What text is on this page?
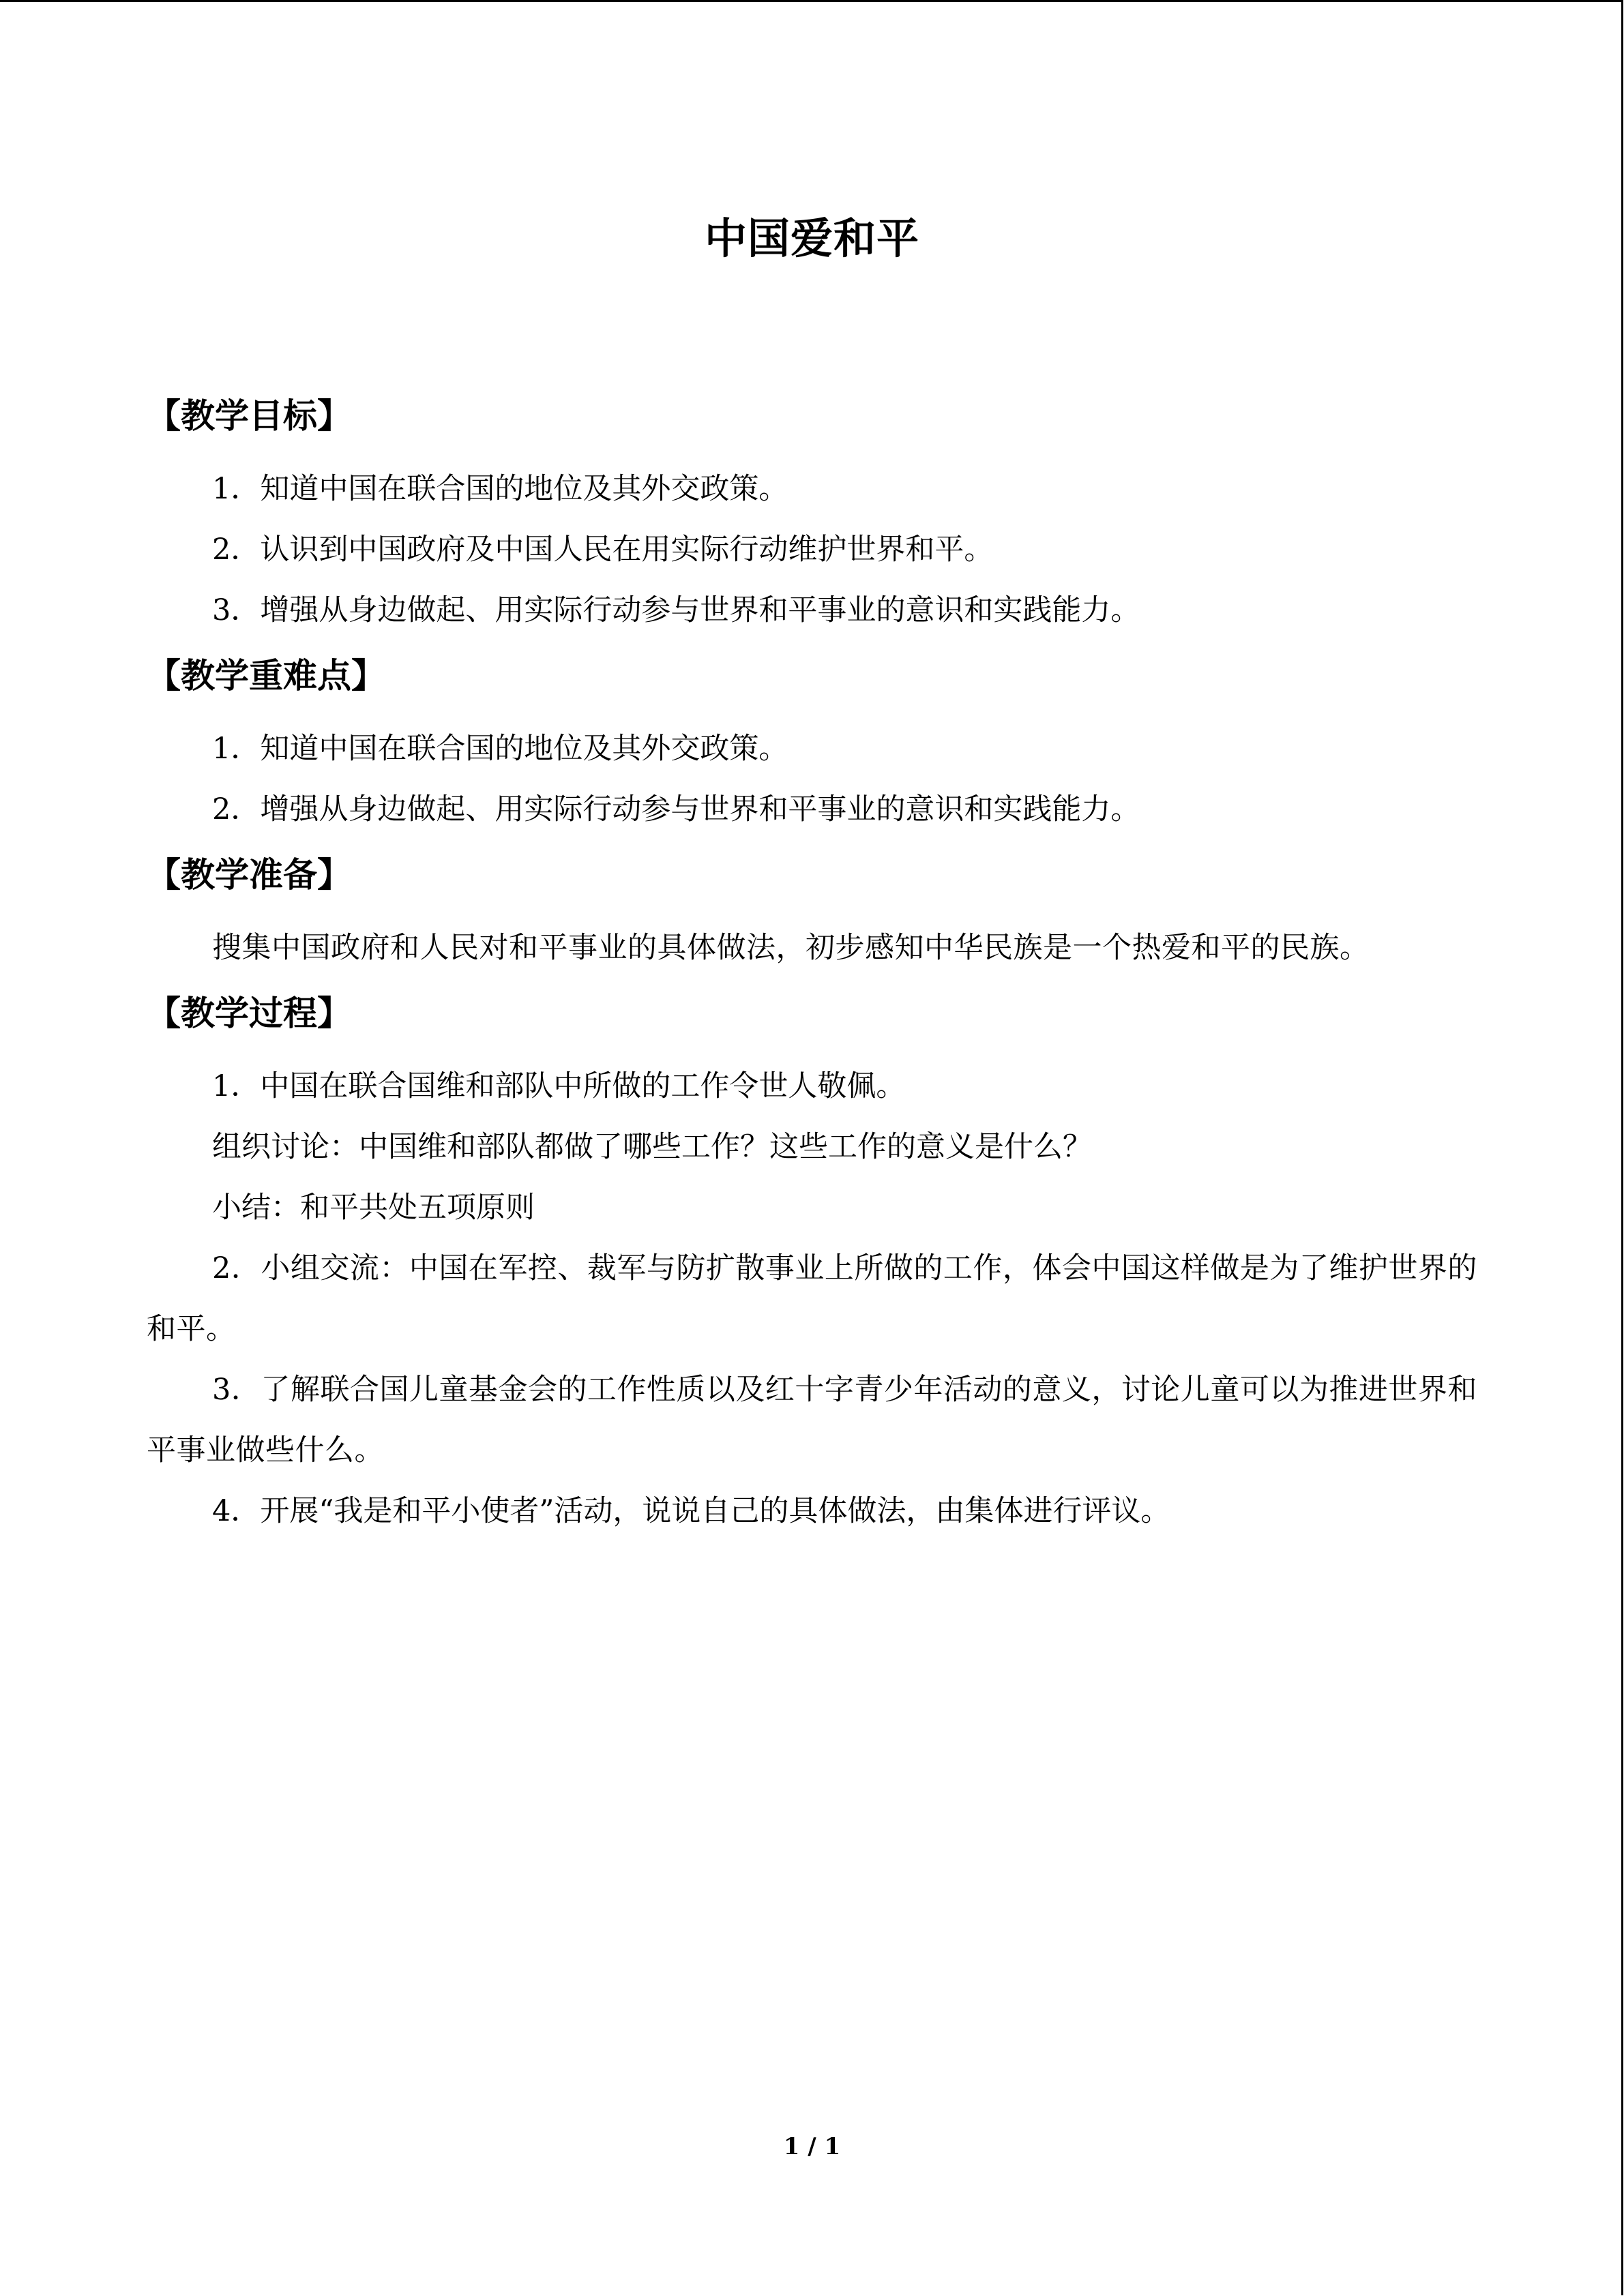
中国爱和平
【教学目标】
1．知道中国在联合国的地位及其外交政策。
2．认识到中国政府及中国人民在用实际行动维护世界和平。
3．增强从身边做起、用实际行动参与世界和平事业的意识和实践能力。
【教学重难点】
1．知道中国在联合国的地位及其外交政策。
2．增强从身边做起、用实际行动参与世界和平事业的意识和实践能力。
【教学准备】
搜集中国政府和人民对和平事业的具体做法，初步感知中华民族是一个热爱和平的民族。
【教学过程】
1．中国在联合国维和部队中所做的工作令世人敬佩。
组织讨论：中国维和部队都做了哪些工作？这些工作的意义是什么？
小结：和平共处五项原则
2．小组交流：中国在军控、裁军与防扩散事业上所做的工作，体会中国这样做是为了维护世界的和平。
3．了解联合国儿童基金会的工作性质以及红十字青少年活动的意义，讨论儿童可以为推进世界和平事业做些什么。
4．开展“我是和平小使者”活动，说说自己的具体做法，由集体进行评议。
1 / 1
